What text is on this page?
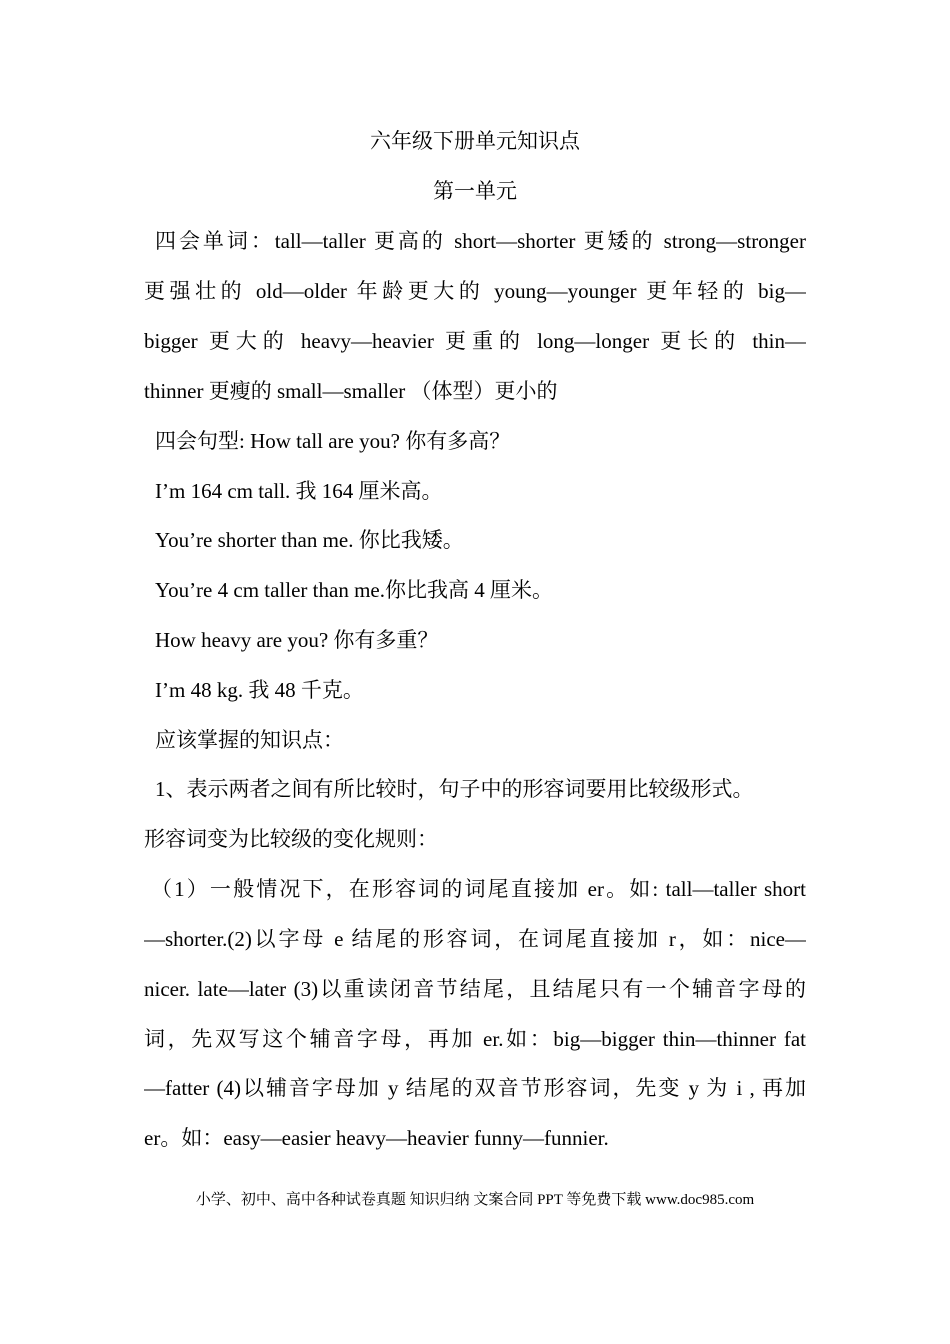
六年级下册单元知识点
第一单元
四会单词：tall—taller 更高的 short—shorter 更矮的 strong—stronger
更强壮的 old—older 年龄更大的 young—younger 更年轻的 big—
bigger 更大的 heavy—heavier 更重的 long—longer 更长的 thin—
thinner 更瘦的 small—smaller （体型）更小的
四会句型: How tall are you? 你有多高？
I’m 164 cm tall. 我 164 厘米高。
You’re shorter than me. 你比我矮。
You’re 4 cm taller than me.你比我高 4 厘米。
How heavy are you? 你有多重？
I’m 48 kg. 我 48 千克。
应该掌握的知识点：
1、表示两者之间有所比较时，句子中的形容词要用比较级形式。
形容词变为比较级的变化规则：
（1）一般情况下，在形容词的词尾直接加 er。如: tall—taller short
—shorter.(2)以字母 e 结尾的形容词，在词尾直接加 r，如：nice—
nicer. late—later (3)以重读闭音节结尾，且结尾只有一个辅音字母的
词，先双写这个辅音字母，再加 er.如：big—bigger thin—thinner fat
—fatter (4)以辅音字母加 y 结尾的双音节形容词，先变 y 为 i , 再加
er。如：easy—easier heavy—heavier funny—funnier.
小学、初中、高中各种试卷真题 知识归纳 文案合同 PPT 等免费下载 www.doc985.com
